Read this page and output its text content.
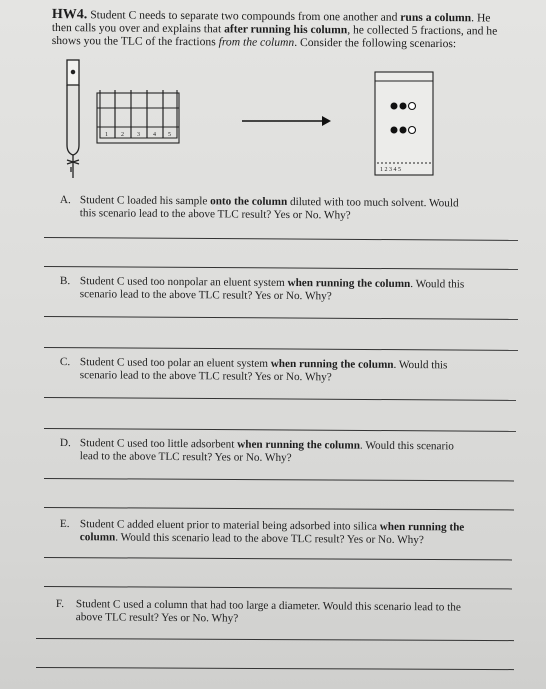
HW4. Student C needs to separate two compounds from one another and runs a column. He
then calls you over and explains that after running his column, he collected 5 fractions, and he
shows you the TLC of the fractions from the column. Consider the following scenarios:
1 2 3 4 5
1 2 3 4 5
A. Student C loaded his sample onto the column diluted with too much solvent. Would
this scenario lead to the above TLC result? Yes or No. Why?
B. Student C used too nonpolar an eluent system when running the column. Would this
scenario lead to the above TLC result? Yes or No. Why?
C. Student C used too polar an eluent system when running the column. Would this
scenario lead to the above TLC result? Yes or No. Why?
D. Student C used too little adsorbent when running the column. Would this scenario
lead to the above TLC result? Yes or No. Why?
E. Student C added eluent prior to material being adsorbed into silica when running the
column. Would this scenario lead to the above TLC result? Yes or No. Why?
F. Student C used a column that had too large a diameter. Would this scenario lead to the
above TLC result? Yes or No. Why?
